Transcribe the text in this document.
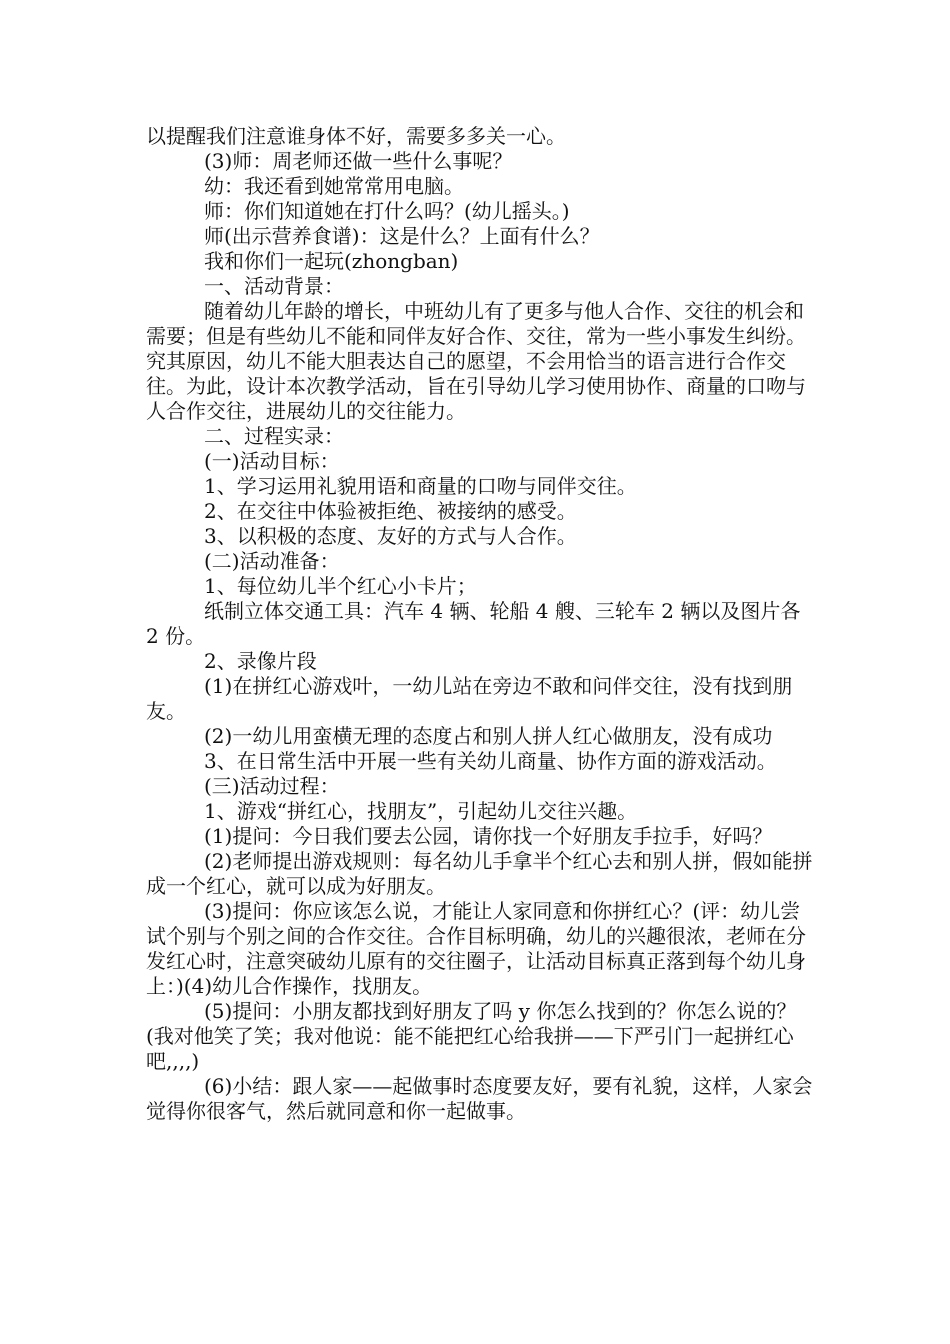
以提醒我们注意谁身体不好，需要多多关一心。

(3)师：周老师还做一些什么事呢？

幼：我还看到她常常用电脑。

师：你们知道她在打什么吗？(幼儿摇头。)

师(出示营养食谱)：这是什么？上面有什么？

我和你们一起玩(zhongban)

一、活动背景：

随着幼儿年龄的增长，中班幼儿有了更多与他人合作、交往的机会和需要；但是有些幼儿不能和同伴友好合作、交往，常为一些小事发生纠纷。究其原因，幼儿不能大胆表达自己的愿望，不会用恰当的语言进行合作交往。为此，设计本次教学活动，旨在引导幼儿学习使用协作、商量的口吻与人合作交往，进展幼儿的交往能力。

二、过程实录：

(一)活动目标：

1、学习运用礼貌用语和商量的口吻与同伴交往。

2、在交往中体验被拒绝、被接纳的感受。

3、以积极的态度、友好的方式与人合作。

(二)活动准备：

1、每位幼儿半个红心小卡片；

纸制立体交通工具：汽车 4 辆、轮船 4 艘、三轮车 2 辆以及图片各 2 份。

2、录像片段

(1)在拼红心游戏叶，一幼儿站在旁边不敢和问伴交往，没有找到朋友。

(2)一幼儿用蛮横无理的态度占和别人拼人红心做朋友，没有成功

3、在日常生活中开展一些有关幼儿商量、协作方面的游戏活动。

(三)活动过程：

1、游戏“拼红心，找朋友”，引起幼儿交往兴趣。

(1)提问：今日我们要去公园，请你找一个好朋友手拉手，好吗？

(2)老师提出游戏规则：每名幼儿手拿半个红心去和别人拼，假如能拼成一个红心，就可以成为好朋友。

(3)提问：你应该怎么说，才能让人家同意和你拼红心？(评：幼儿尝试个别与个别之间的合作交往。合作目标明确，幼儿的兴趣很浓，老师在分发红心时，注意突破幼儿原有的交往圈子，让活动目标真正落到每个幼儿身上：)(4)幼儿合作操作，找朋友。

(5)提问：小朋友都找到好朋友了吗 y 你怎么找到的？你怎么说的？(我对他笑了笑；我对他说：能不能把红心给我拼——下严引门一起拼红心吧,,,,)

(6)小结：跟人家——起做事时态度要友好，要有礼貌，这样，人家会觉得你很客气，然后就同意和你一起做事。
